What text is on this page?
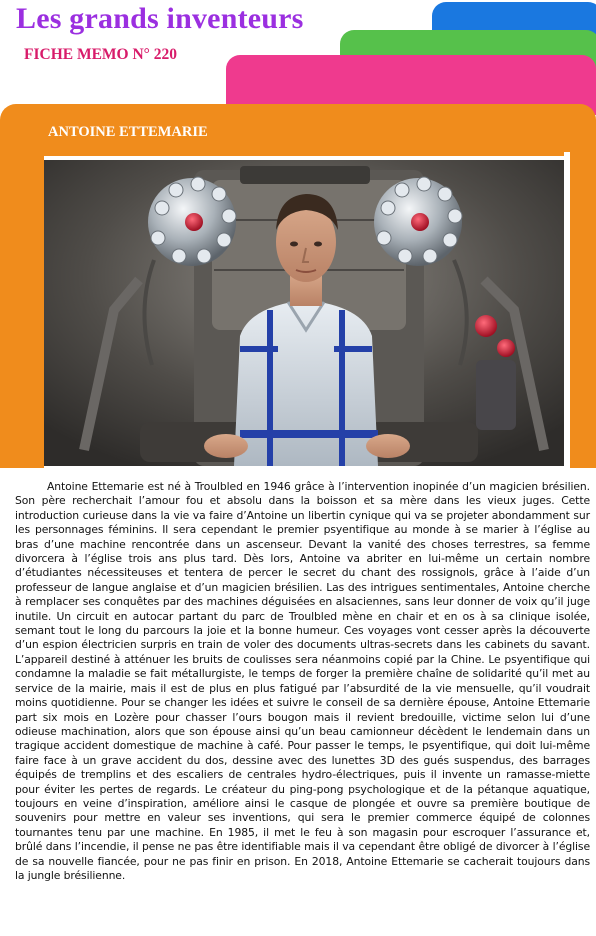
Les grands inventeurs

FICHE MEMO N° 220

ANTOINE ETTEMARIE

Antoine Ettemarie est né à Troulbled en 1946 grâce à l’intervention inopinée d’un magicien brésilien. Son père recherchait l’amour fou et absolu dans la boisson et sa mère dans les vieux juges. Cette introduction curieuse dans la vie va faire d’Antoine un libertin cynique qui va se projeter abondamment sur les personnages féminins. Il sera cependant le premier psyentifique au monde à se marier à l’église au bras d’une machine rencontrée dans un ascenseur. Devant la vanité des choses terrestres, sa femme divorcera à l’église trois ans plus tard. Dès lors, Antoine va abriter en lui-même un certain nombre d’étudiantes nécessiteuses et tentera de percer le secret du chant des rossignols, grâce à l’aide d’un professeur de langue anglaise et d’un magicien brésilien. Las des intrigues sentimentales, Antoine cherche à remplacer ses conquêtes par des machines déguisées en alsaciennes, sans leur donner de voix qu’il juge inutile. Un circuit en autocar partant du parc de Troulbled mène en chair et en os à sa clinique isolée, semant tout le long du parcours la joie et la bonne humeur. Ces voyages vont cesser après la découverte d’un espion électricien surpris en train de voler des documents ultras-secrets dans les cabinets du savant. L’appareil destiné à atténuer les bruits de coulisses sera néanmoins copié par la Chine. Le psyentifique qui condamne la maladie se fait métallurgiste, le temps de forger la première chaîne de solidarité qu’il met au service de la mairie, mais il est de plus en plus fatigué par l’absurdité de la vie mensuelle, qu’il voudrait moins quotidienne. Pour se changer les idées et suivre le conseil de sa dernière épouse, Antoine Ettemarie part six mois en Lozère pour chasser l’ours bougon mais il revient bredouille, victime selon lui d’une odieuse machination, alors que son épouse ainsi qu’un beau camionneur décèdent le lendemain dans un tragique accident domestique de machine à café. Pour passer le temps, le psyentifique, qui doit lui-même faire face à un grave accident du dos, dessine avec des lunettes 3D des gués suspendus, des barrages équipés de tremplins et des escaliers de centrales hydro-électriques, puis il invente un ramasse-miette pour éviter les pertes de regards. Le créateur du ping-pong psychologique et de la pétanque aquatique, toujours en veine d’inspiration, améliore ainsi le casque de plongée et ouvre sa première boutique de souvenirs pour mettre en valeur ses inventions, qui sera le premier commerce équipé de colonnes tournantes tenu par une machine. En 1985, il met le feu à son magasin pour escroquer l’assurance et, brûlé dans l’incendie, il pense ne pas être identifiable mais il va cependant être obligé de divorcer à l’église de sa nouvelle fiancée, pour ne pas finir en prison. En 2018, Antoine Ettemarie se cacherait toujours dans la jungle brésilienne.
